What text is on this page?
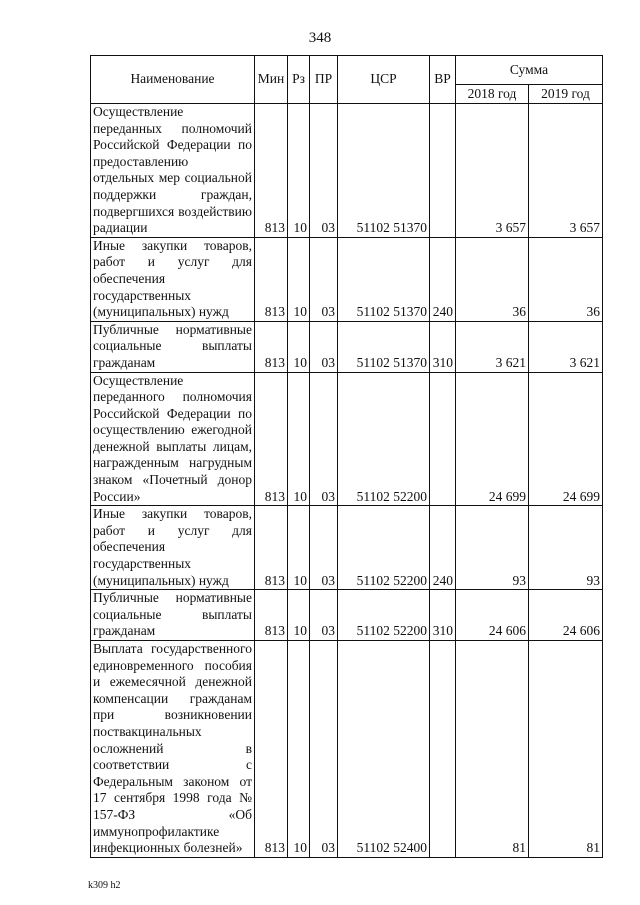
348
Наименование	Мин	Рз	ПР	ЦСР	ВР	Сумма	
						2018 год	2019 год
Осуществление переданных полномочий Российской Федерации по предоставлению отдельных мер социальной поддержки граждан, подвергшихся воздействию радиации	813	10	03	51102 51370		3 657	3 657
Иные закупки товаров, работ и услуг для обеспечения государственных (муниципальных) нужд	813	10	03	51102 51370	240	36	36
Публичные нормативные социальные выплаты гражданам	813	10	03	51102 51370	310	3 621	3 621
Осуществление переданного полномочия Российской Федерации по осуществлению ежегодной денежной выплаты лицам, награжденным нагрудным знаком «Почетный донор России»	813	10	03	51102 52200		24 699	24 699
Иные закупки товаров, работ и услуг для обеспечения государственных (муниципальных) нужд	813	10	03	51102 52200	240	93	93
Публичные нормативные социальные выплаты гражданам	813	10	03	51102 52200	310	24 606	24 606
Выплата государственного единовременного пособия и ежемесячной денежной компенсации гражданам при возникновении поствакцинальных осложнений в соответствии с Федеральным законом от 17 сентября 1998 года № 157-ФЗ «Об иммунопрофилактике инфекционных болезней»	813	10	03	51102 52400		81	81
k309 h2
